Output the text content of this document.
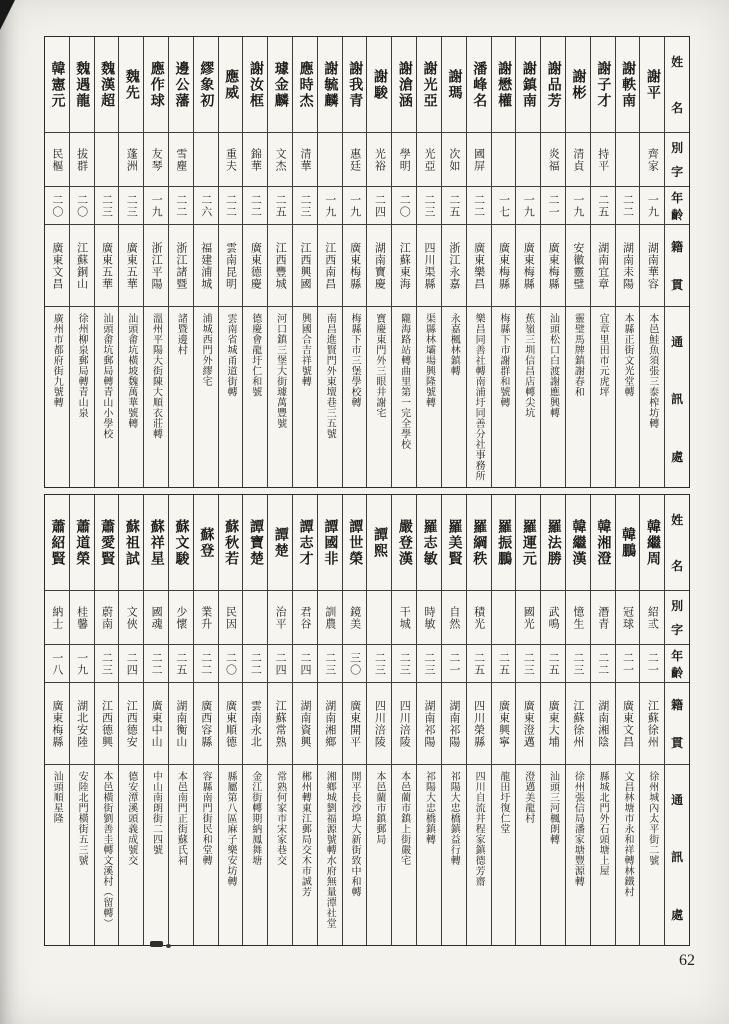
姓
名
別
字
年
齡
籍
貫
通
訊
處
謝平
齊家
一九
湖南華容
本邑鮭魚須張三泰榨坊轉
謝軼南
二二
湖南耒陽
本縣正街文光堂轉
謝子才
持平
二五
湖南宜章
宜章里田市元虎坪
謝彬
清貞
一九
安徽靈璧
靈璧馬牌鎮謝春和
謝品芳
炎福
二一
廣東梅縣
汕頭松口白渡謝應興轉
謝鎮南
一九
廣東梅縣
蕉嶺三圳信昌店轉尖坑
謝懋權
一七
廣東梅縣
梅縣下市謝群和號轉
潘峰名
國屏
二二
廣東樂昌
樂昌同善社轉南浦圩同善分社事務所
謝瑪
次如
二五
浙江永嘉
永嘉楓林鎮轉
謝光亞
光亞
二三
四川渠縣
渠縣林壩場興隆號轉
謝滄涵
學明
二〇
江蘇東海
隴海路站轉曲里第一完全學校
謝駿
光裕
二四
湖南寶慶
寶慶東門外三眼井謝宅
謝我青
惠廷
一九
廣東梅縣
梅縣下市三堡學校轉
謝毓麟
一九
江西南昌
南昌進賢門外東壇巷三五號
應時杰
清華
二三
江西興國
興國合吉祥號轉
璩金麟
文杰
二五
江西豐城
河口鎮三堡大街璩萬豐號
謝汝框
錦華
二二
廣東德慶
德慶會龍圩仁和號
應威
重夫
二二
雲南昆明
雲南省城甬道街轉
繆象初
二六
福建浦城
浦城西門外繆宅
邊公藩
雪塵
二二
浙江諸暨
諸暨邊村
應作球
友琴
一九
浙江平陽
溫州平陽大街陳大順衣莊轉
魏先
蓬洲
二三
廣東五華
汕頭畬坑橫坡魏萬華號轉
魏漢超
二三
廣東五華
汕頭畬坑郵局轉青山小學校
魏遇龍
拔群
二〇
江蘇銅山
徐州柳泉郵局轉青山泉
韓憲元
民樞
二〇
廣東文昌
廣州市都府街九號轉
姓
名
別
字
年
齡
籍
貫
通
訊
處
韓繼周
紹弎
二一
江蘇徐州
徐州城內太平街二號
韓鵬
冠球
二一
廣東文昌
文昌林塘市永和祥轉林鐵村
韓湘澄
潛青
二二
湖南湘陰
縣城北門外石頭塘上屋
韓繼漢
憶生
二三
江蘇徐州
徐州張信局潘家塘豐源轉
羅法勝
武鳴
二五
廣東大埔
汕頭三河楓朗轉
羅運元
國光
二三
廣東澄邁
澄邁美龍村
羅振鵬
二五
廣東興寧
龍田圩復仁堂
羅綱秩
積光
二五
四川榮縣
四川自流井程家鎮德芳齋
羅美賢
自然
二一
湖南祁陽
祁陽大忠橋鎮益行轉
羅志敏
時敏
二三
湖南祁陽
祁陽大忠橋鎮轉
嚴登漢
干城
二三
四川涪陵
本邑藺市鎮上街嚴宅
譚熙
二三
四川涪陵
本邑藺市鎮郵局
譚世榮
鏡美
三〇
廣東開平
開平長沙埠大新街致中和轉
譚國非
訓農
二三
湖南湘鄉
湘鄉城劉福源號轉水府無量潭社堂
譚志才
君谷
二四
湖南資興
郴州轉東江郵局交木市誠芳
譚楚
治平
二四
江蘇常熟
常熟何家市宋家巷交
譚寶楚
二二
雲南永北
金江街轉期納鳳舞塘
蘇秋若
民因
二〇
廣東順德
縣屬第八區麻子樂安坊轉
蘇登
業升
二二
廣西容縣
容縣南門街民和堂轉
蘇文駿
少懷
二五
湖南衡山
本邑南門正街蘇氏祠
蘇祥星
國魂
二二
廣東中山
中山南朗街二四號
蘇祖試
文俠
二四
江西德安
德安潭溪頭義成號交
蕭愛賢
蔚南
二三
江西德興
本邑橫街劉善圭轉文溪村（留轉）
蕭道榮
桂馨
一九
湖北安陸
安陸北門橫街五三號
蕭紹賢
納士
一八
廣東梅縣
汕頭順星隆
62
